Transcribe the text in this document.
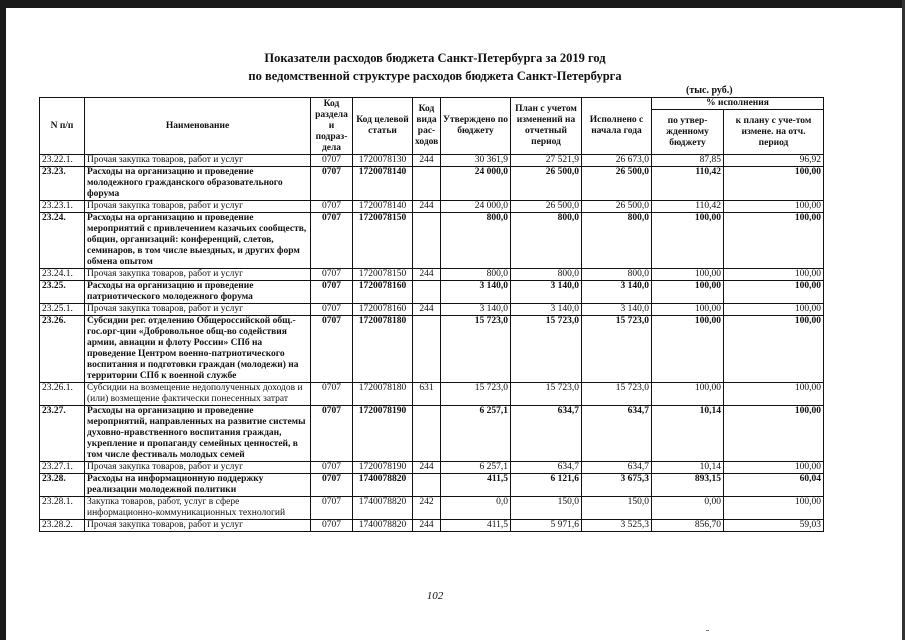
Показатели расходов бюджета Санкт-Петербурга за 2019 год
по ведомственной структуре расходов бюджета Санкт-Петербурга
(тыс. руб.)
N п/п	Наименование	Код раздела и подраз-дела	Код целевой статьи	Код вида рас-ходов	Утверждено по бюджету	План с учетом изменений на отчетный период	Исполнено с начала года	% исполнения	
								по утвер-жденному бюджету	к плану с уче-том измене. на отч. период
23.22.1.	Прочая закупка товаров, работ и услуг	0707	1720078130	244	30 361,9	27 521,9	26 673,0	87,85	96,92
23.23.	Расходы на организацию и проведение молодежного гражданского образовательного форума	0707	1720078140		24 000,0	26 500,0	26 500,0	110,42	100,00
23.23.1.	Прочая закупка товаров, работ и услуг	0707	1720078140	244	24 000,0	26 500,0	26 500,0	110,42	100,00
23.24.	Расходы на организацию и проведение мероприятий с привлечением казачьих сообществ, общин, организаций: конференций, слетов, семинаров, в том числе выездных, и других форм обмена опытом	0707	1720078150		800,0	800,0	800,0	100,00	100,00
23.24.1.	Прочая закупка товаров, работ и услуг	0707	1720078150	244	800,0	800,0	800,0	100,00	100,00
23.25.	Расходы на организацию и проведение патриотического молодежного форума	0707	1720078160		3 140,0	3 140,0	3 140,0	100,00	100,00
23.25.1.	Прочая закупка товаров, работ и услуг	0707	1720078160	244	3 140,0	3 140,0	3 140,0	100,00	100,00
23.26.	Субсидии рег. отделению Общероссийской общ.-гос.орг-ции «Добровольное общ-во содействия армии, авиации и флоту России» СПб на проведение Центром военно-патриотического воспитания и подготовки граждан (молодежи) на территории СПб к военной службе	0707	1720078180		15 723,0	15 723,0	15 723,0	100,00	100,00
23.26.1.	Субсидии на возмещение недополученных доходов и (или) возмещение фактически понесенных затрат	0707	1720078180	631	15 723,0	15 723,0	15 723,0	100,00	100,00
23.27.	Расходы на организацию и проведение мероприятий, направленных на развитие системы духовно-нравственного воспитания граждан, укрепление и пропаганду семейных ценностей, в том числе фестиваль молодых семей	0707	1720078190		6 257,1	634,7	634,7	10,14	100,00
23.27.1.	Прочая закупка товаров, работ и услуг	0707	1720078190	244	6 257,1	634,7	634,7	10,14	100,00
23.28.	Расходы на информационную поддержку реализации молодежной политики	0707	1740078820		411,5	6 121,6	3 675,3	893,15	60,04
23.28.1.	Закупка товаров, работ, услуг в сфере информационно-коммуникационных технологий	0707	1740078820	242	0,0	150,0	150,0	0,00	100,00
23.28.2.	Прочая закупка товаров, работ и услуг	0707	1740078820	244	411,5	5 971,6	3 525,3	856,70	59,03
102
